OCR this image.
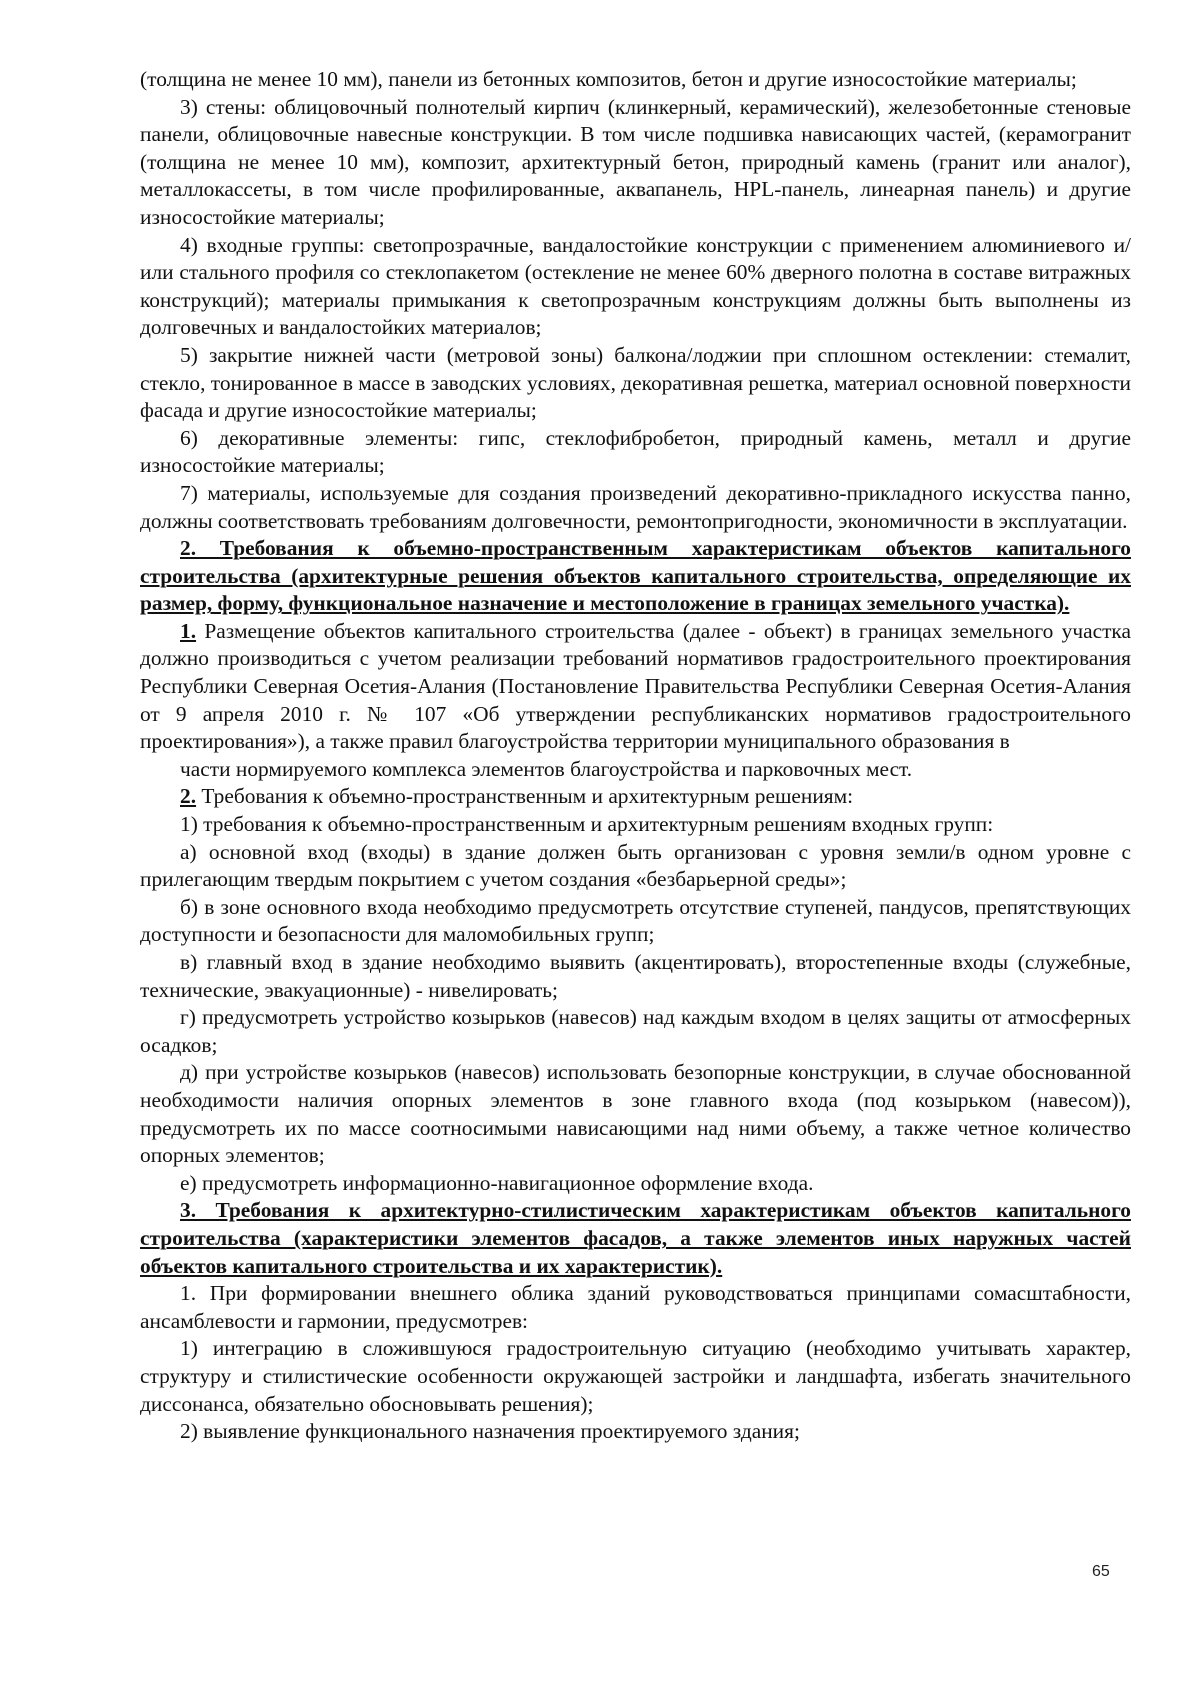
(толщина не менее 10 мм), панели из бетонных композитов, бетон и другие износостойкие материалы;

3) стены: облицовочный полнотелый кирпич (клинкерный, керамический), железобетонные стеновые панели, облицовочные навесные конструкции. В том числе подшивка нависающих частей, (керамогранит (толщина не менее 10 мм), композит, архитектурный бетон, природный камень (гранит или аналог), металлокассеты, в том числе профилированные, аквапанель, HPL-панель, линеарная панель) и другие износостойкие материалы;

4) входные группы: светопрозрачные, вандалостойкие конструкции с применением алюминиевого и/или стального профиля со стеклопакетом (остекление не менее 60% дверного полотна в составе витражных конструкций); материалы примыкания к светопрозрачным конструкциям должны быть выполнены из долговечных и вандалостойких материалов;

5) закрытие нижней части (метровой зоны) балкона/лоджии при сплошном остеклении: стемалит, стекло, тонированное в массе в заводских условиях, декоративная решетка, материал основной поверхности фасада и другие износостойкие материалы;

6) декоративные элементы: гипс, стеклофибробетон, природный камень, металл и другие износостойкие материалы;

7) материалы, используемые для создания произведений декоративно-прикладного искусства панно, должны соответствовать требованиям долговечности, ремонтопригодности, экономичности в эксплуатации.

2. Требования к объемно-пространственным характеристикам объектов капитального строительства (архитектурные решения объектов капитального строительства, определяющие их размер, форму, функциональное назначение и местоположение в границах земельного участка).

1. Размещение объектов капитального строительства (далее - объект) в границах земельного участка должно производиться с учетом реализации требований нормативов градостроительного проектирования Республики Северная Осетия-Алания (Постановление Правительства Республики Северная Осетия-Алания от 9 апреля 2010 г. № 107 «Об утверждении республиканских нормативов градостроительного проектирования»), а также правил благоустройства территории муниципального образования в

части нормируемого комплекса элементов благоустройства и парковочных мест.

2. Требования к объемно-пространственным и архитектурным решениям:

1) требования к объемно-пространственным и архитектурным решениям входных групп:

а) основной вход (входы) в здание должен быть организован с уровня земли/в одном уровне с прилегающим твердым покрытием с учетом создания «безбарьерной среды»;

б) в зоне основного входа необходимо предусмотреть отсутствие ступеней, пандусов, препятствующих доступности и безопасности для маломобильных групп;

в) главный вход в здание необходимо выявить (акцентировать), второстепенные входы (служебные, технические, эвакуационные) - нивелировать;

г) предусмотреть устройство козырьков (навесов) над каждым входом в целях защиты от атмосферных осадков;

д) при устройстве козырьков (навесов) использовать безопорные конструкции, в случае обоснованной необходимости наличия опорных элементов в зоне главного входа (под козырьком (навесом)), предусмотреть их по массе соотносимыми нависающими над ними объему, а также четное количество опорных элементов;

е) предусмотреть информационно-навигационное оформление входа.

3. Требования к архитектурно-стилистическим характеристикам объектов капитального строительства (характеристики элементов фасадов, а также элементов иных наружных частей объектов капитального строительства и их характеристик).

1. При формировании внешнего облика зданий руководствоваться принципами сомасштабности, ансамблевости и гармонии, предусмотрев:

1) интеграцию в сложившуюся градостроительную ситуацию (необходимо учитывать характер, структуру и стилистические особенности окружающей застройки и ландшафта, избегать значительного диссонанса, обязательно обосновывать решения);

2) выявление функционального назначения проектируемого здания;

65
